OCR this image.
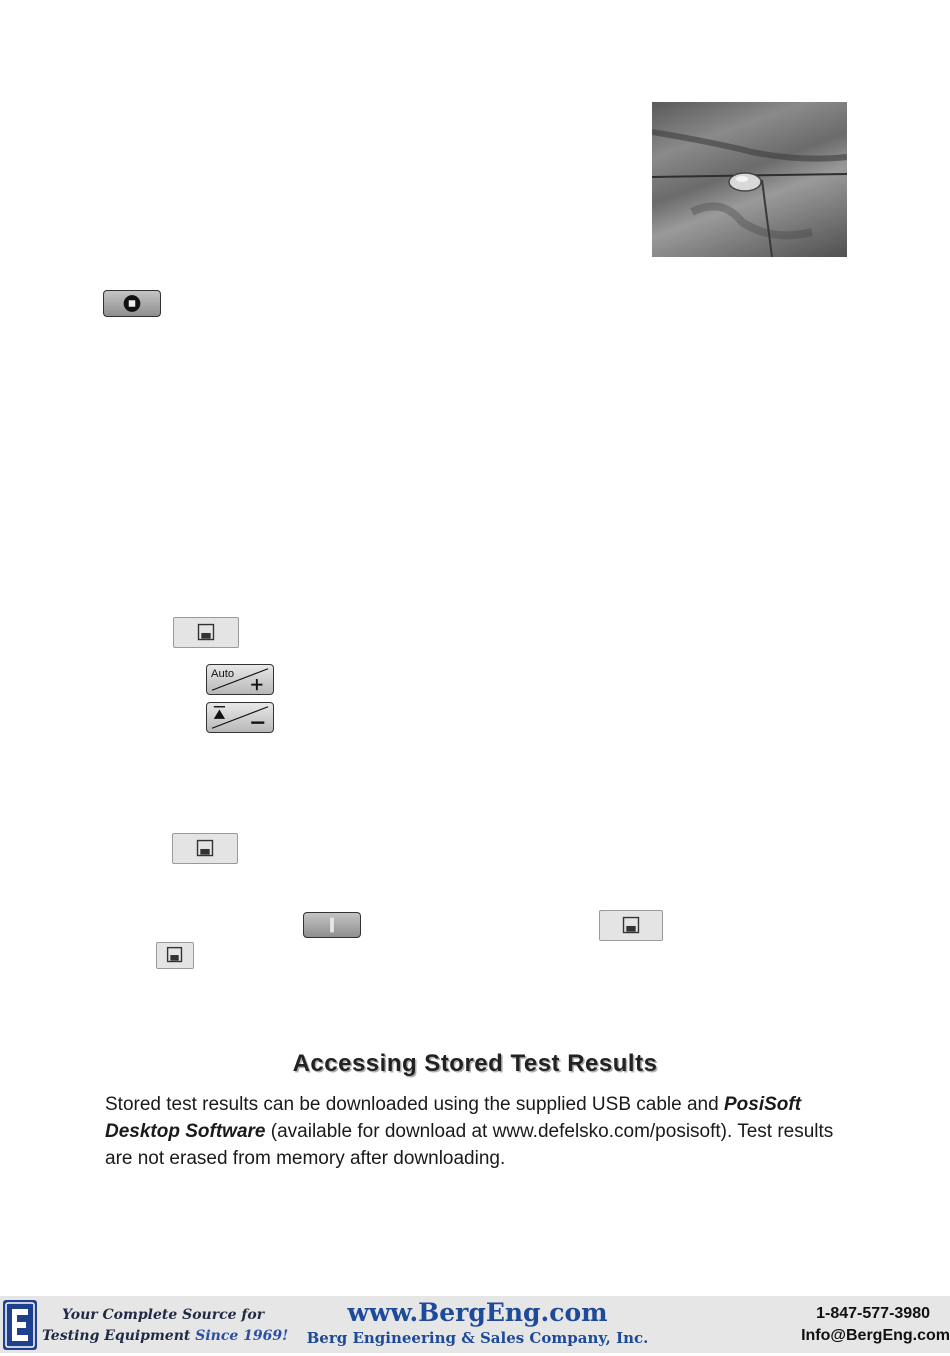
Auto
Accessing Stored Test Results
Stored test results can be downloaded using the supplied USB cable and PosiSoft Desktop Software (available for download at www.defelsko.com/posisoft). Test results are not erased from memory after downloading.
Your Complete Source for
Testing Equipment Since 1969!
www.BergEng.com
Berg Engineering & Sales Company, Inc.
1-847-577-3980
Info@BergEng.com
